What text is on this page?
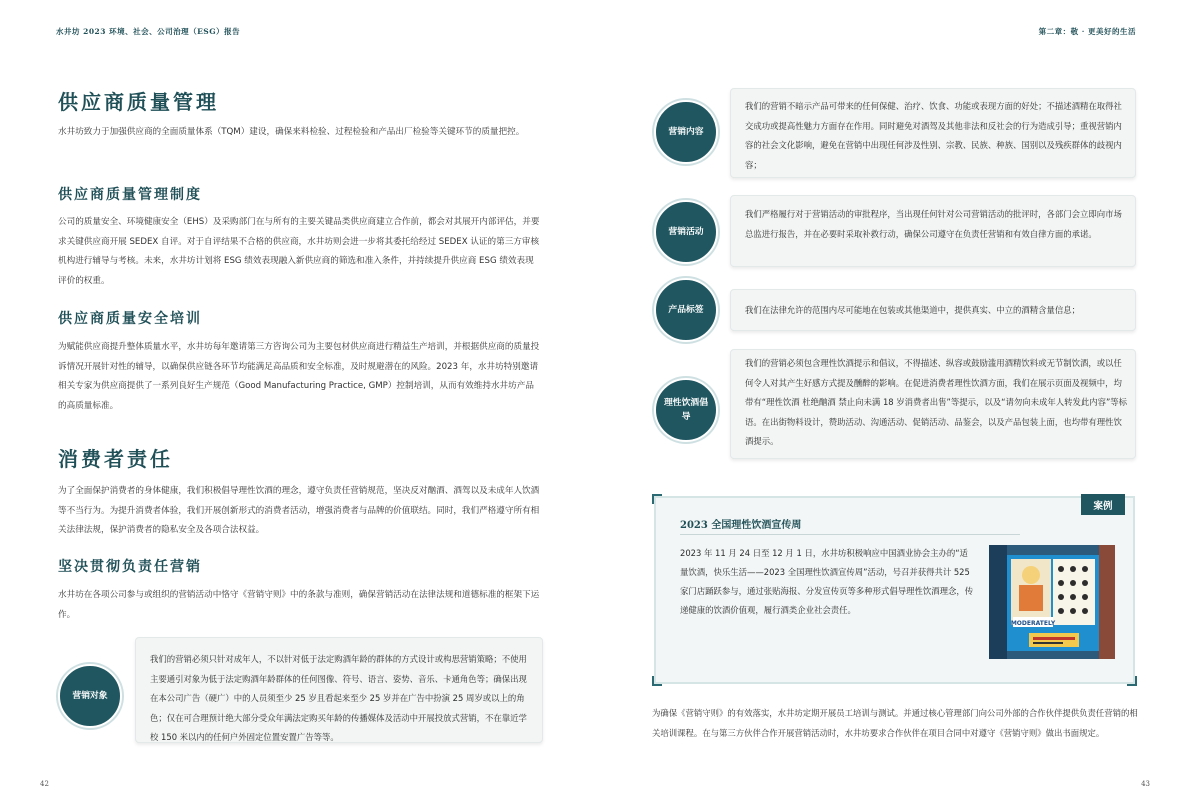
水井坊 2023 环境、社会、公司治理（ESG）报告	第二章：敬 · 更美好的生活
供应商质量管理
水井坊致力于加强供应商的全面质量体系（TQM）建设，确保来料检验、过程检验和产品出厂检验等关键环节的质量把控。
供应商质量管理制度
公司的质量安全、环境健康安全（EHS）及采购部门在与所有的主要关键品类供应商建立合作前，都会对其展开内部评估，并要求关键供应商开展 SEDEX 自评。对于自评结果不合格的供应商，水井坊则会进一步将其委托给经过 SEDEX 认证的第三方审核机构进行辅导与考核。未来，水井坊计划将 ESG 绩效表现融入新供应商的筛选和准入条件，并持续提升供应商 ESG 绩效表现评价的权重。
供应商质量安全培训
为赋能供应商提升整体质量水平，水井坊每年邀请第三方咨询公司为主要包材供应商进行精益生产培训，并根据供应商的质量投诉情况开展针对性的辅导，以确保供应链各环节均能满足高品质和安全标准，及时规避潜在的风险。2023 年，水井坊特别邀请相关专家为供应商提供了一系列良好生产规范（Good Manufacturing Practice, GMP）控制培训，从而有效维持水井坊产品的高质量标准。
消费者责任
为了全面保护消费者的身体健康，我们积极倡导理性饮酒的理念，遵守负责任营销规范，坚决反对酗酒、酒驾以及未成年人饮酒等不当行为。为提升消费者体验，我们开展创新形式的消费者活动，增强消费者与品牌的价值联结。同时，我们严格遵守所有相关法律法规，保护消费者的隐私安全及各项合法权益。
坚决贯彻负责任营销
水井坊在各项公司参与或组织的营销活动中恪守《营销守则》中的条款与准则，确保营销活动在法律法规和道德标准的框架下运作。
我们的营销必须只针对成年人，不以针对低于法定购酒年龄的群体的方式设计或构思营销策略；不使用主要通引对象为低于法定购酒年龄群体的任何图像、符号、语言、姿势、音乐、卡通角色等；确保出现在本公司广告（硬广）中的人员须至少 25 岁且看起来至少 25 岁并在广告中扮演 25 周岁或以上的角色；仅在可合理预计绝大部分受众年满法定购买年龄的传播媒体及活动中开展投放式营销，不在靠近学校 150 米以内的任何户外固定位置安置广告等等。
营销对象
我们的营销不暗示产品可带来的任何保健、治疗、饮食、功能或表现方面的好处；不描述酒精在取得社交成功或提高性魅力方面存在作用。同时避免对酒驾及其他非法和反社会的行为造成引导；重视营销内容的社会文化影响，避免在营销中出现任何涉及性别、宗教、民族、种族、国别以及残疾群体的歧视内容；
营销内容
我们严格履行对于营销活动的审批程序，当出现任何针对公司营销活动的批评时，各部门会立即向市场总监进行报告，并在必要时采取补救行动，确保公司遵守在负责任营销和有效自律方面的承诺。
营销活动
我们在法律允许的范围内尽可能地在包装或其他渠道中，提供真实、中立的酒精含量信息；
产品标签
我们的营销必须包含理性饮酒提示和倡议，不得描述、纵容或鼓励滥用酒精饮料或无节制饮酒，或以任何令人对其产生好感方式提及醺醉的影响。在促进消费者理性饮酒方面，我们在展示页面及视频中，均带有“理性饮酒 杜绝酗酒 禁止向未满 18 岁消费者出售”等提示，以及“请勿向未成年人转发此内容”等标语。在出街物料设计，赞助活动、沟通活动、促销活动、品鉴会，以及产品包装上面，也均带有理性饮酒提示。
理性饮酒倡导
案例
2023 全国理性饮酒宣传周
2023 年 11 月 24 日至 12 月 1 日，水井坊积极响应中国酒业协会主办的“适量饮酒，快乐生活——2023 全国理性饮酒宣传周”活动，号召并获得共计 525 家门店踊跃参与，通过张贴海报、分发宣传页等多种形式倡导理性饮酒理念，传递健康的饮酒价值观，履行酒类企业社会责任。
MODERATELY
为确保《营销守则》的有效落实，水井坊定期开展员工培训与测试。并通过核心管理部门向公司外部的合作伙伴提供负责任营销的相关培训课程。在与第三方伙伴合作开展营销活动时，水井坊要求合作伙伴在项目合同中对遵守《营销守则》做出书面规定。
42	43
